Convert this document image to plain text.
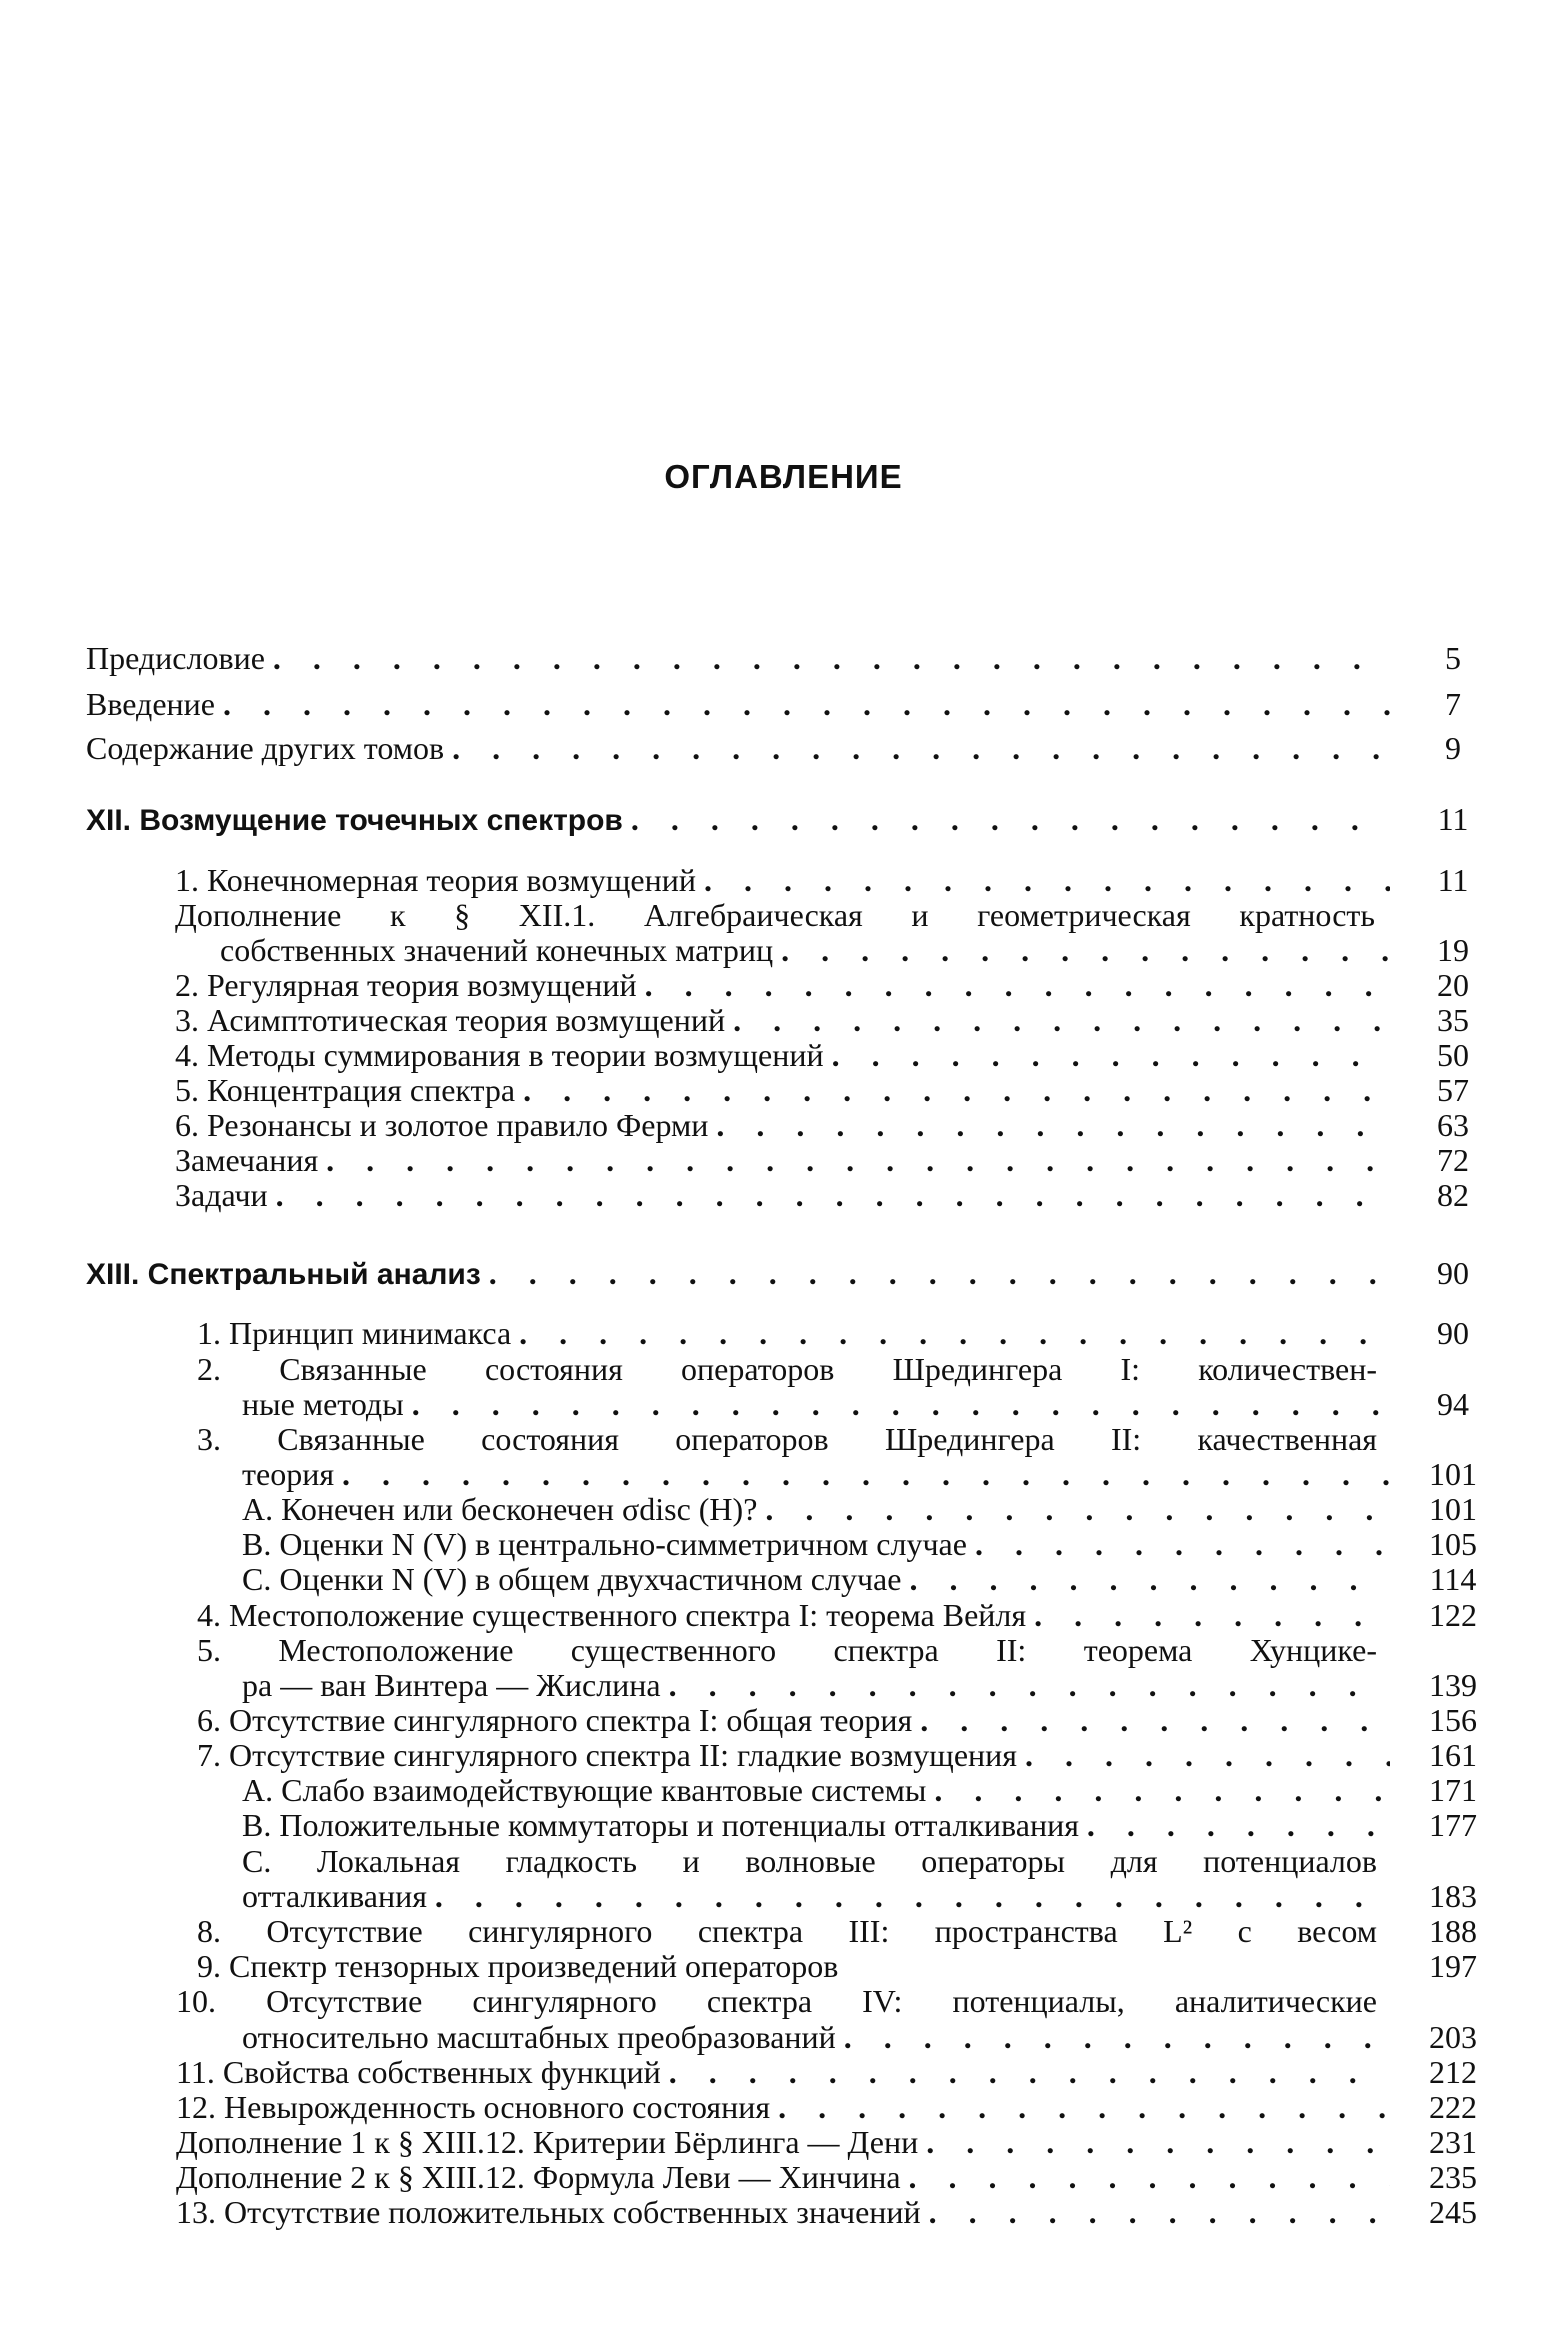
ОГЛАВЛЕНИЕ
Предисловие . . .	5
Введение . . .	7
Содержание других томов . . .	9
XII. Возмущение точечных спектров . . .	11
1. Конечномерная теория возмущений . . .	11
Дополнение к § XII.1. Алгебраическая и геометрическая кратность
собственных значений конечных матриц . . .	19
2. Регулярная теория возмущений . . .	20
3. Асимптотическая теория возмущений . . .	35
4. Методы суммирования в теории возмущений . . .	50
5. Концентрация спектра . . .	57
6. Резонансы и золотое правило Ферми . . .	63
Замечания . . .	72
Задачи . . .	82
XIII. Спектральный анализ . . .	90
1. Принцип минимакса . . .	90
2. Связанные состояния операторов Шредингера I: количествен-
ные методы . . .	94
3. Связанные состояния операторов Шредингера II: качественная
теория . . .	101
A. Конечен или бесконечен σdisc (H)? . . .	101
B. Оценки N (V) в центрально-симметричном случае . . .	105
C. Оценки N (V) в общем двухчастичном случае . . .	114
4. Местоположение существенного спектра I: теорема Вейля . . .	122
5. Местоположение существенного спектра II: теорема Хунцике-
ра — ван Винтера — Жислина . . .	139
6. Отсутствие сингулярного спектра I: общая теория . . .	156
7. Отсутствие сингулярного спектра II: гладкие возмущения . . .	161
A. Слабо взаимодействующие квантовые системы . . .	171
B. Положительные коммутаторы и потенциалы отталкивания . . .	177
C. Локальная гладкость и волновые операторы для потенциалов
отталкивания . . .	183
8. Отсутствие сингулярного спектра III: пространства L² с весом 188
9. Спектр тензорных произведений операторов	197
10. Отсутствие сингулярного спектра IV: потенциалы, аналитические
относительно масштабных преобразований . . .	203
11. Свойства собственных функций . . .	212
12. Невырожденность основного состояния . . .	222
Дополнение 1 к § XIII.12. Критерии Бёрлинга — Дени . . .	231
Дополнение 2 к § XIII.12. Формула Леви — Хинчина . . .	235
13. Отсутствие положительных собственных значений . . .	245
